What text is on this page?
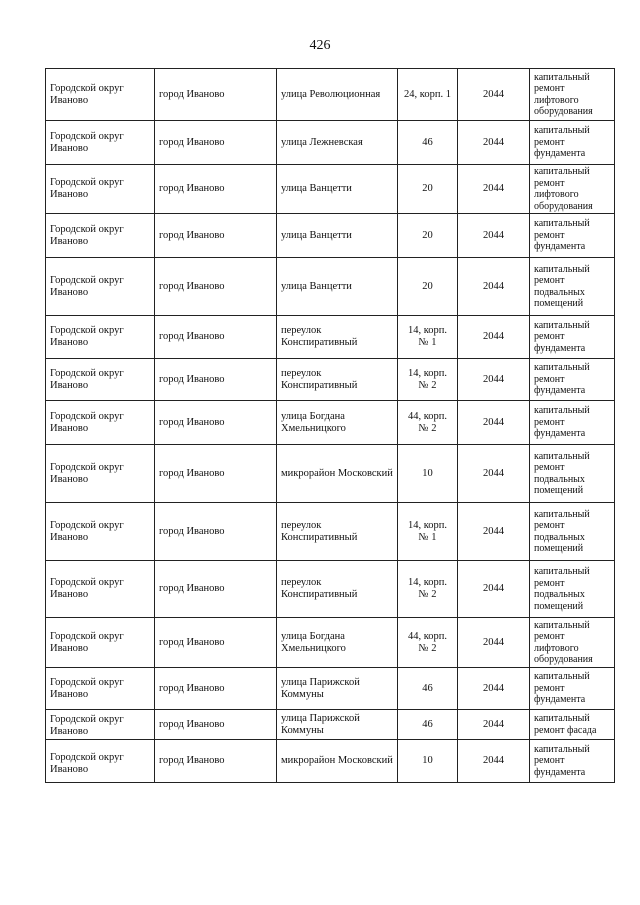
426
Городской округ Иваново	город Иваново	улица Революционная	24, корп. 1	2044	капитальный ремонт лифтового оборудования
Городской округ Иваново	город Иваново	улица Лежневская	46	2044	капитальный ремонт фундамента
Городской округ Иваново	город Иваново	улица Ванцетти	20	2044	капитальный ремонт лифтового оборудования
Городской округ Иваново	город Иваново	улица Ванцетти	20	2044	капитальный ремонт фундамента
Городской округ Иваново	город Иваново	улица Ванцетти	20	2044	капитальный ремонт подвальных помещений
Городской округ Иваново	город Иваново	переулок Конспиративный	14, корп. № 1	2044	капитальный ремонт фундамента
Городской округ Иваново	город Иваново	переулок Конспиративный	14, корп. № 2	2044	капитальный ремонт фундамента
Городской округ Иваново	город Иваново	улица Богдана Хмельницкого	44, корп. № 2	2044	капитальный ремонт фундамента
Городской округ Иваново	город Иваново	микрорайон Московский	10	2044	капитальный ремонт подвальных помещений
Городской округ Иваново	город Иваново	переулок Конспиративный	14, корп. № 1	2044	капитальный ремонт подвальных помещений
Городской округ Иваново	город Иваново	переулок Конспиративный	14, корп. № 2	2044	капитальный ремонт подвальных помещений
Городской округ Иваново	город Иваново	улица Богдана Хмельницкого	44, корп. № 2	2044	капитальный ремонт лифтового оборудования
Городской округ Иваново	город Иваново	улица Парижской Коммуны	46	2044	капитальный ремонт фундамента
Городской округ Иваново	город Иваново	улица Парижской Коммуны	46	2044	капитальный ремонт фасада
Городской округ Иваново	город Иваново	микрорайон Московский	10	2044	капитальный ремонт фундамента
